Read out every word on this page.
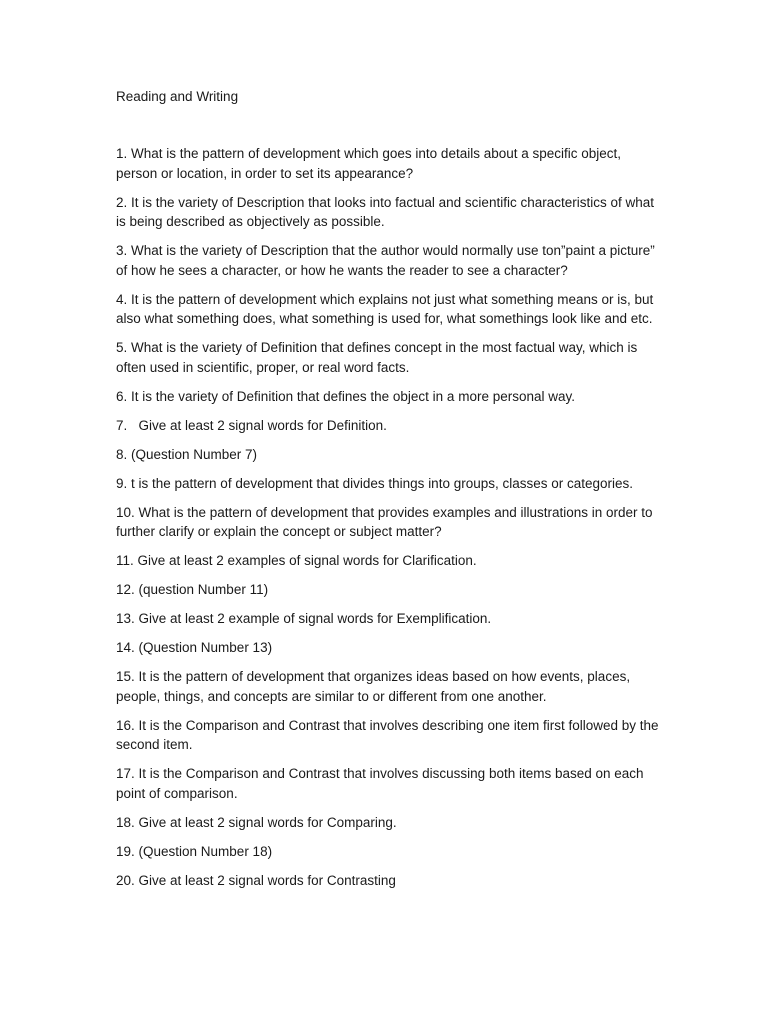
Reading and Writing
1. What is the pattern of development which goes into details about a specific object, person or location, in order to set its appearance?
2. It is the variety of Description that looks into factual and scientific characteristics of what is being described as objectively as possible.
3. What is the variety of Description that the author would normally use ton”paint a picture” of how he sees a character, or how he wants the reader to see a character?
4. It is the pattern of development which explains not just what something means or is, but also what something does, what something is used for, what somethings look like and etc.
5. What is the variety of Definition that defines concept in the most factual way, which is often used in scientific, proper, or real word facts.
6. It is the variety of Definition that defines the object in a more personal way.
7.   Give at least 2 signal words for Definition.
8. (Question Number 7)
9. t is the pattern of development that divides things into groups, classes or categories.
10. What is the pattern of development that provides examples and illustrations in order to further clarify or explain the concept or subject matter?
11. Give at least 2 examples of signal words for Clarification.
12. (question Number 11)
13. Give at least 2 example of signal words for Exemplification.
14. (Question Number 13)
15. It is the pattern of development that organizes ideas based on how events, places, people, things, and concepts are similar to or different from one another.
16. It is the Comparison and Contrast that involves describing one item first followed by the second item.
17. It is the Comparison and Contrast that involves discussing both items based on each point of comparison.
18. Give at least 2 signal words for Comparing.
19. (Question Number 18)
20. Give at least 2 signal words for Contrasting
